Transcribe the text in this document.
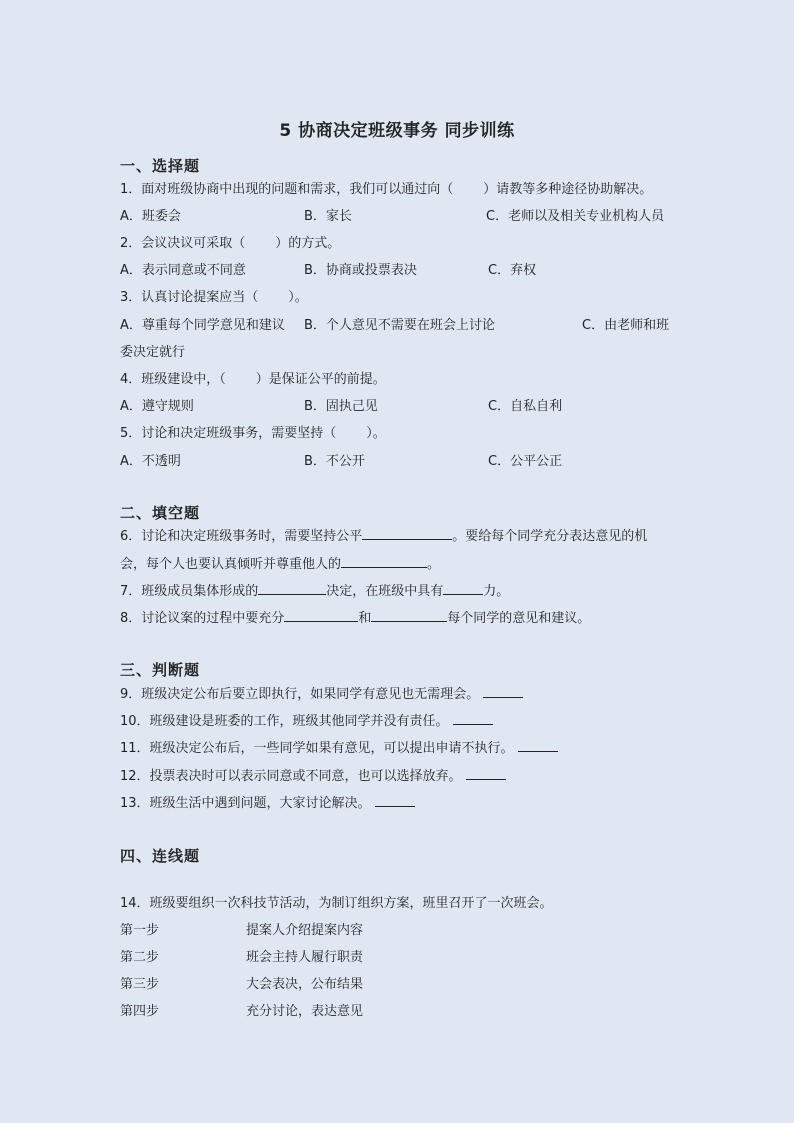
5 协商决定班级事务 同步训练
一、选择题
1．面对班级协商中出现的问题和需求，我们可以通过向（ ）请教等多种途径协助解决。
A．班委会	B．家长	C．老师以及相关专业机构人员
2．会议决议可采取（ ）的方式。
A．表示同意或不同意	B．协商或投票表决	C．弃权
3．认真讨论提案应当（ ）。
A．尊重每个同学意见和建议 B．个人意见不需要在班会上讨论	C．由老师和班
委决定就行
4．班级建设中，（ ）是保证公平的前提。
A．遵守规则	B．固执己见	C．自私自利
5．讨论和决定班级事务，需要坚持（ ）。
A．不透明	B．不公开	C．公平公正
二、填空题
6．讨论和决定班级事务时，需要坚持公平	。要给每个同学充分表达意见的机
会，每个人也要认真倾听并尊重他人的	。
7．班级成员集体形成的	决定，在班级中具有	力。
8．讨论议案的过程中要充分	和	每个同学的意见和建议。
三、判断题
9．班级决定公布后要立即执行，如果同学有意见也无需理会。
10．班级建设是班委的工作，班级其他同学并没有责任。
11．班级决定公布后，一些同学如果有意见，可以提出申请不执行。
12．投票表决时可以表示同意或不同意，也可以选择放弃。
13．班级生活中遇到问题，大家讨论解决。
四、连线题
14．班级要组织一次科技节活动，为制订组织方案，班里召开了一次班会。
第一步	提案人介绍提案内容
第二步	班会主持人履行职责
第三步	大会表决，公布结果
第四步	充分讨论，表达意见
